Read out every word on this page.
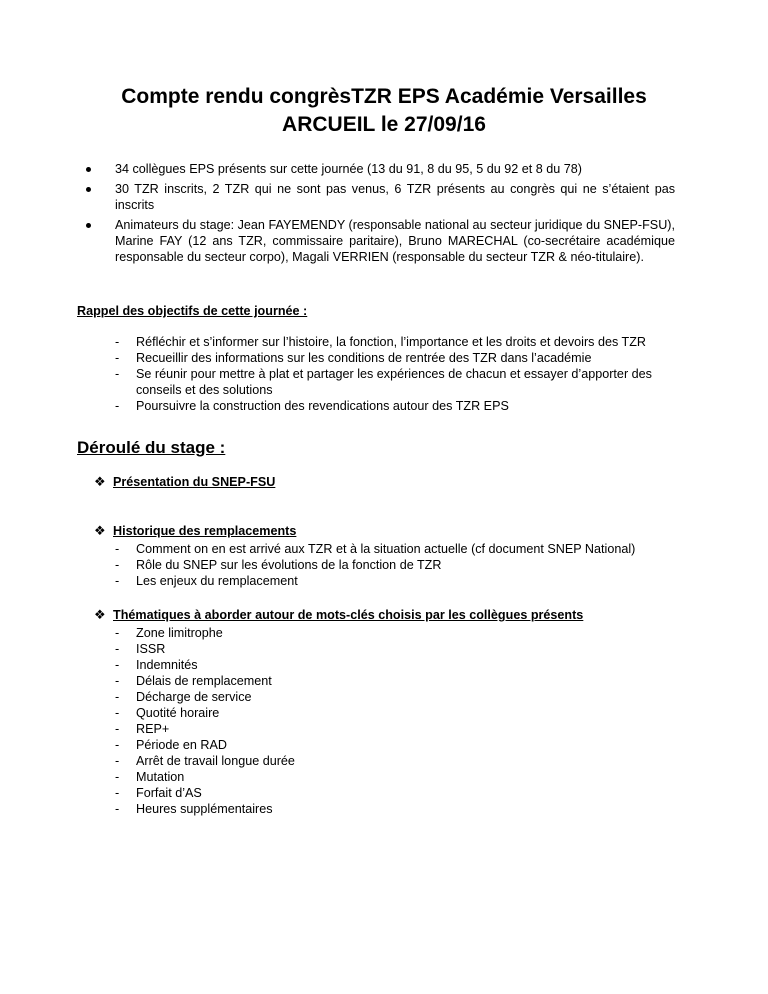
Compte rendu congrèsTZR EPS Académie Versailles
ARCUEIL le 27/09/16
34 collègues EPS présents sur cette journée (13 du 91, 8 du 95, 5 du 92 et 8 du 78)
30 TZR inscrits, 2 TZR qui ne sont pas venus, 6 TZR présents au congrès qui ne s’étaient pas inscrits
Animateurs du stage: Jean FAYEMENDY (responsable national au secteur juridique du SNEP-FSU), Marine FAY (12 ans TZR, commissaire paritaire), Bruno MARECHAL (co-secrétaire académique responsable du secteur corpo), Magali VERRIEN (responsable du secteur TZR & néo-titulaire).
Rappel des objectifs de cette journée :
- Réfléchir et s’informer sur l’histoire, la fonction, l’importance et les droits et devoirs des TZR
- Recueillir des informations sur les conditions de rentrée des TZR dans l’académie
- Se réunir pour mettre à plat et partager les expériences de chacun et essayer d’apporter des conseils et des solutions
- Poursuivre la construction des revendications autour des TZR EPS
Déroulé du stage :
❖ Présentation du SNEP-FSU
❖ Historique des remplacements
- Comment on en est arrivé aux TZR et à la situation actuelle (cf document SNEP National)
- Rôle du SNEP sur les évolutions de la fonction de TZR
- Les enjeux du remplacement
❖ Thématiques à aborder autour de mots-clés choisis par les collègues présents
- Zone limitrophe
- ISSR
- Indemnités
- Délais de remplacement
- Décharge de service
- Quotité horaire
- REP+
- Période en RAD
- Arrêt de travail longue durée
- Mutation
- Forfait d’AS
- Heures supplémentaires
